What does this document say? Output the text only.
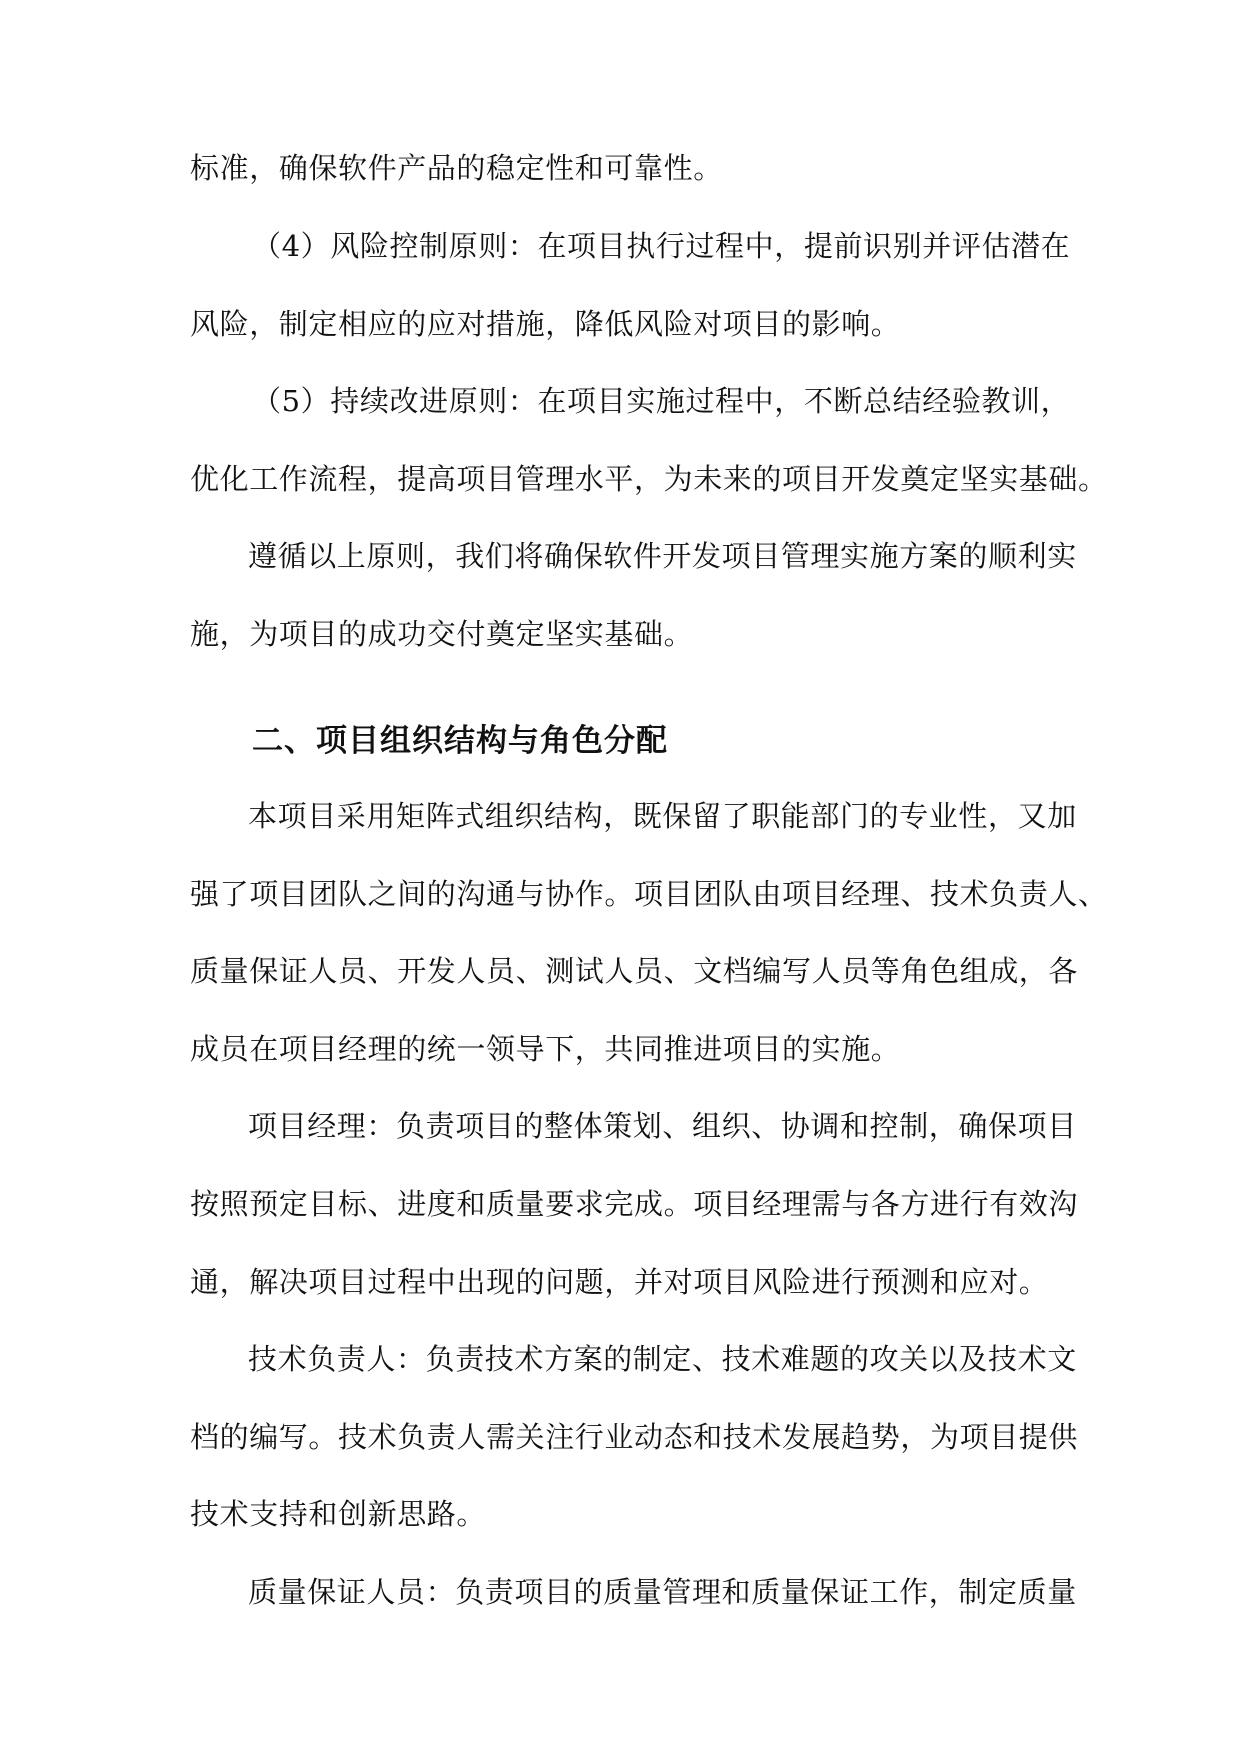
标准，确保软件产品的稳定性和可靠性。
（4）风险控制原则：在项目执行过程中，提前识别并评估潜在
风险，制定相应的应对措施，降低风险对项目的影响。
（5）持续改进原则：在项目实施过程中，不断总结经验教训，
优化工作流程，提高项目管理水平，为未来的项目开发奠定坚实基础。
遵循以上原则，我们将确保软件开发项目管理实施方案的顺利实
施，为项目的成功交付奠定坚实基础。
二、项目组织结构与角色分配
本项目采用矩阵式组织结构，既保留了职能部门的专业性，又加
强了项目团队之间的沟通与协作。项目团队由项目经理、技术负责人、
质量保证人员、开发人员、测试人员、文档编写人员等角色组成，各
成员在项目经理的统一领导下，共同推进项目的实施。
项目经理：负责项目的整体策划、组织、协调和控制，确保项目
按照预定目标、进度和质量要求完成。项目经理需与各方进行有效沟
通，解决项目过程中出现的问题，并对项目风险进行预测和应对。
技术负责人：负责技术方案的制定、技术难题的攻关以及技术文
档的编写。技术负责人需关注行业动态和技术发展趋势，为项目提供
技术支持和创新思路。
质量保证人员：负责项目的质量管理和质量保证工作，制定质量
